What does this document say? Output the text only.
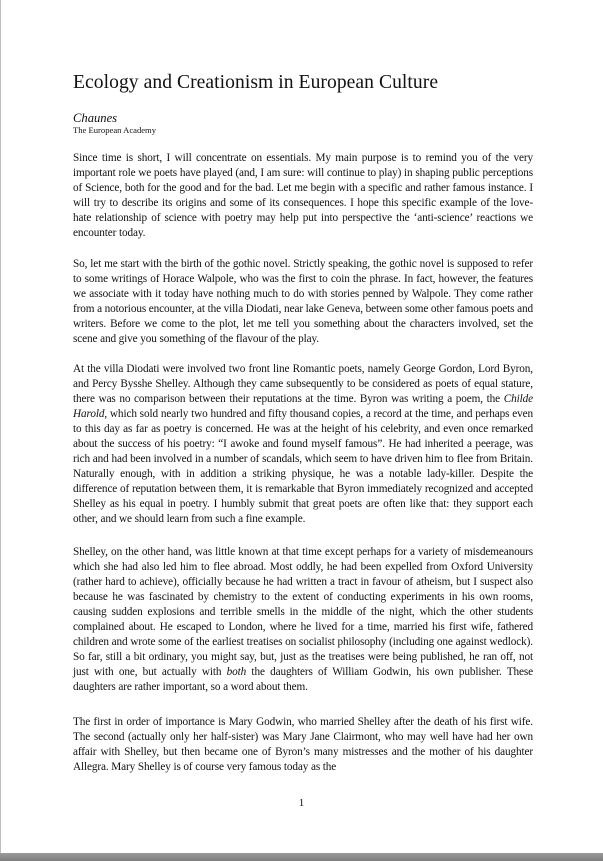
Ecology and Creationism in European Culture
Chaunes
The European Academy

Since time is short, I will concentrate on essentials. My main purpose is to remind you of the very important role we poets have played (and, I am sure: will continue to play) in shaping public perceptions of Science, both for the good and for the bad. Let me begin with a specific and rather famous instance. I will try to describe its origins and some of its consequences. I hope this specific example of the love-hate relationship of science with poetry may help put into perspective the ‘anti-science’ reactions we encounter today.

So, let me start with the birth of the gothic novel. Strictly speaking, the gothic novel is supposed to refer to some writings of Horace Walpole, who was the first to coin the phrase. In fact, however, the features we associate with it today have nothing much to do with stories penned by Walpole. They come rather from a notorious encounter, at the villa Diodati, near lake Geneva, between some other famous poets and writers. Before we come to the plot, let me tell you something about the characters involved, set the scene and give you something of the flavour of the play.

At the villa Diodati were involved two front line Romantic poets, namely George Gordon, Lord Byron, and Percy Bysshe Shelley. Although they came subsequently to be considered as poets of equal stature, there was no comparison between their reputations at the time. Byron was writing a poem, the Childe Harold, which sold nearly two hundred and fifty thousand copies, a record at the time, and perhaps even to this day as far as poetry is concerned. He was at the height of his celebrity, and even once remarked about the success of his poetry: “I awoke and found myself famous”. He had inherited a peerage, was rich and had been involved in a number of scandals, which seem to have driven him to flee from Britain. Naturally enough, with in addition a striking physique, he was a notable lady-killer. Despite the difference of reputation between them, it is remarkable that Byron immediately recognized and accepted Shelley as his equal in poetry. I humbly submit that great poets are often like that: they support each other, and we should learn from such a fine example.

Shelley, on the other hand, was little known at that time except perhaps for a variety of misdemeanours which she had also led him to flee abroad. Most oddly, he had been expelled from Oxford University (rather hard to achieve), officially because he had written a tract in favour of atheism, but I suspect also because he was fascinated by chemistry to the extent of conducting experiments in his own rooms, causing sudden explosions and terrible smells in the middle of the night, which the other students complained about. He escaped to London, where he lived for a time, married his first wife, fathered children and wrote some of the earliest treatises on socialist philosophy (including one against wedlock). So far, still a bit ordinary, you might say, but, just as the treatises were being published, he ran off, not just with one, but actually with both the daughters of William Godwin, his own publisher. These daughters are rather important, so a word about them.

The first in order of importance is Mary Godwin, who married Shelley after the death of his first wife. The second (actually only her half-sister) was Mary Jane Clairmont, who may well have had her own affair with Shelley, but then became one of Byron’s many mistresses and the mother of his daughter Allegra. Mary Shelley is of course very famous today as the

1
